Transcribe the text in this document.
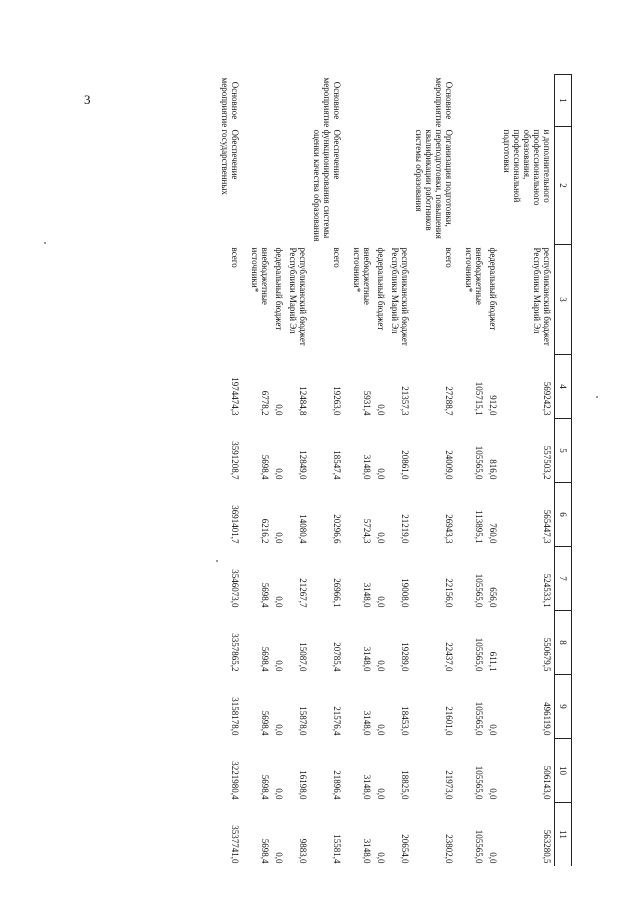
3	1	2	3	4	5	6	7	8	9	10	11
	и дополнительного профессионального образования, профессиональной подготовки	республиканский бюджет Республики Марий Эл	569242,3	557503,2	565447,3	524533,1	550679,5	496119,0	506143,0	563280,5
		федеральный бюджет	912,0	816,0	760,0	656,0	611,1	0,0	0,0	0,0
		внебюджетные источники*	105715,1	105565,0	113895,1	105565,0	105565,0	105565,0	105565,0	105565,0
Основное мероприятие	Организация подготовки, переподготовки, повышения квалификации работников системы образования	всего	27288,7	24009,0	26943,3	22156,0	22437,0	21601,0	21973,0	23802,0
		республиканский бюджет Республики Марий Эл	21357,3	20861,0	21219,0	19008,0	19289,0	18453,0	18825,0	20654,0
		федеральный бюджет	0,0	0,0	0,0	0,0	0,0	0,0	0,0	0,0
		внебюджетные источники*	5931,4	3148,0	5724,3	3148,0	3148,0	3148,0	3148,0	3148,0
Основное мероприятие	Обеспечение функционирования системы оценки качества образования	всего	19263,0	18547,4	20296,6	26966,1	20785,4	21576,4	21896,4	15581,4
		республиканский бюджет Республики Марий Эл	12484,8	12849,0	14080,4	21267,7	15087,0	15878,0	16198,0	9883,0
		федеральный бюджет	0,0	0,0	0,0	0,0	0,0	0,0	0,0	0,0
		внебюджетные источники*	6778,2	5698,4	6216,2	5698,4	5698,4	5698,4	5698,4	5698,4
Основное мероприятие	Обеспечение государственных	всего	1974474,3	3591208,7	3691401,7	3546073,0	3357865,2	3158178,0	3221980,4	3537741,0
